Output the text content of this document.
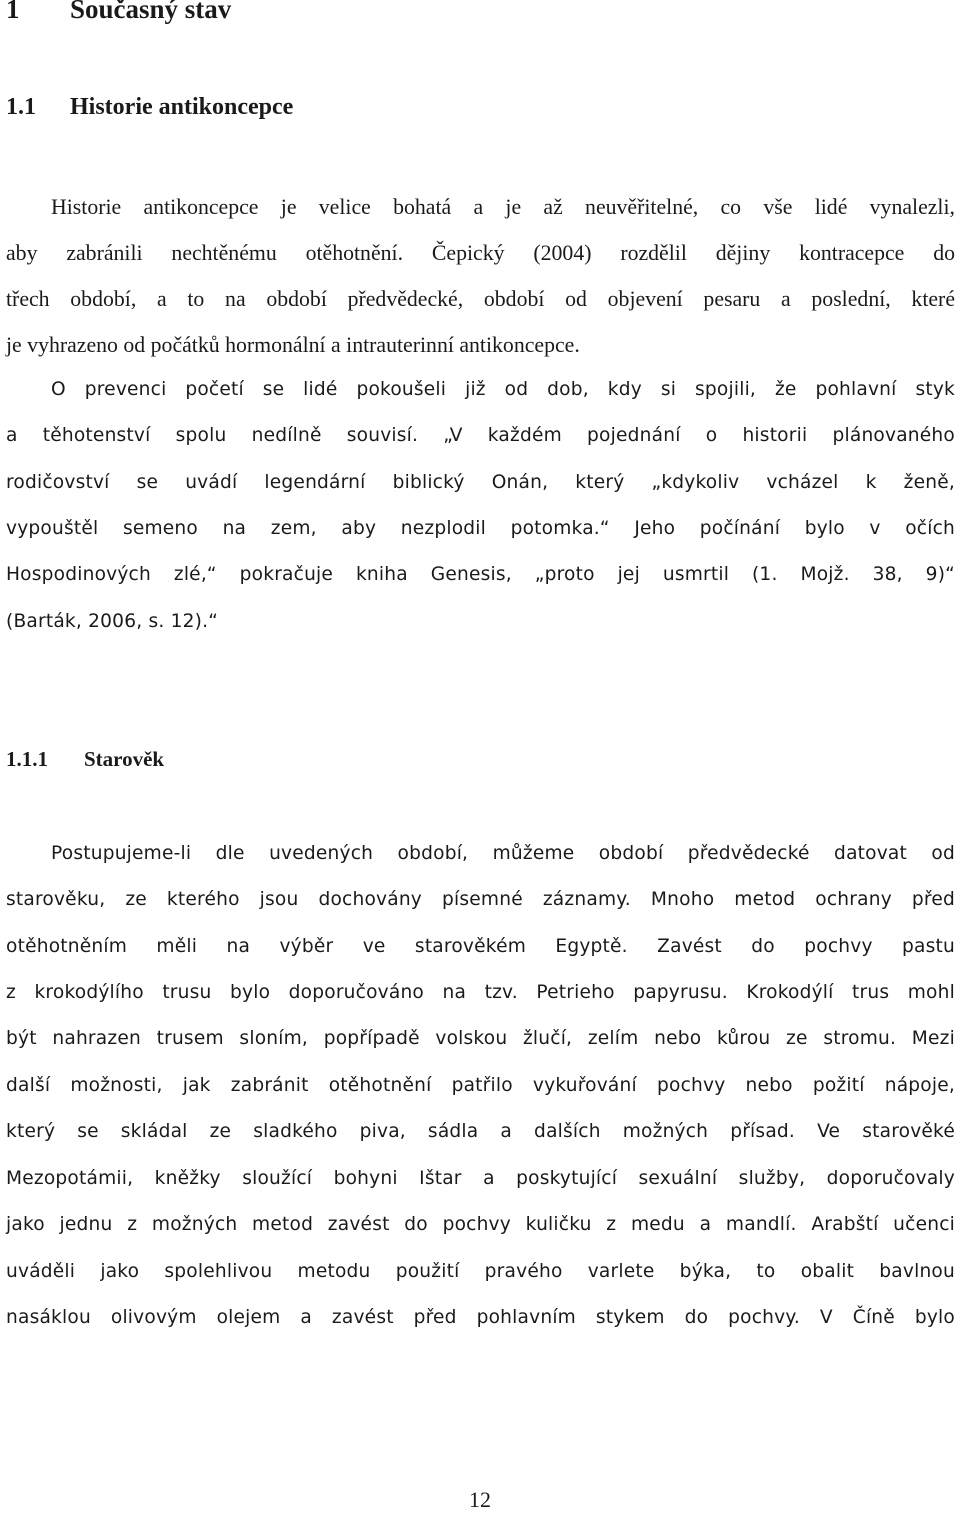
1 Současný stav
1.1 Historie antikoncepce
Historie antikoncepce je velice bohatá a je až neuvěřitelné, co vše lidé vynalezli,
aby zabránili nechtěnému otěhotnění. Čepický (2004) rozdělil dějiny kontracepce do
třech období, a to na období předvědecké, období od objevení pesaru a poslední, které
je vyhrazeno od počátků hormonální a intrauterinní antikoncepce.
O prevenci početí se lidé pokoušeli již od dob, kdy si spojili, že pohlavní styk
a těhotenství spolu nedílně souvisí. „V každém pojednání o historii plánovaného
rodičovství se uvádí legendární biblický Onán, který „kdykoliv vcházel k ženě,
vypouštěl semeno na zem, aby nezplodil potomka.“ Jeho počínání bylo v očích
Hospodinových zlé,“ pokračuje kniha Genesis, „proto jej usmrtil (1. Mojž. 38, 9)“
(Barták, 2006, s. 12).“
1.1.1 Starověk
Postupujeme-li dle uvedených období, můžeme období předvědecké datovat od
starověku, ze kterého jsou dochovány písemné záznamy. Mnoho metod ochrany před
otěhotněním měli na výběr ve starověkém Egyptě. Zavést do pochvy pastu
z krokodýlího trusu bylo doporučováno na tzv. Petrieho papyrusu. Krokodýlí trus mohl
být nahrazen trusem sloním, popřípadě volskou žlučí, zelím nebo kůrou ze stromu. Mezi
další možnosti, jak zabránit otěhotnění patřilo vykuřování pochvy nebo požití nápoje,
který se skládal ze sladkého piva, sádla a dalších možných přísad. Ve starověké
Mezopotámii, kněžky sloužící bohyni Ištar a poskytující sexuální služby, doporučovaly
jako jednu z možných metod zavést do pochvy kuličku z medu a mandlí. Arabští učenci
uváděli jako spolehlivou metodu použití pravého varlete býka, to obalit bavlnou
nasáklou olivovým olejem a zavést před pohlavním stykem do pochvy. V Číně bylo
12
